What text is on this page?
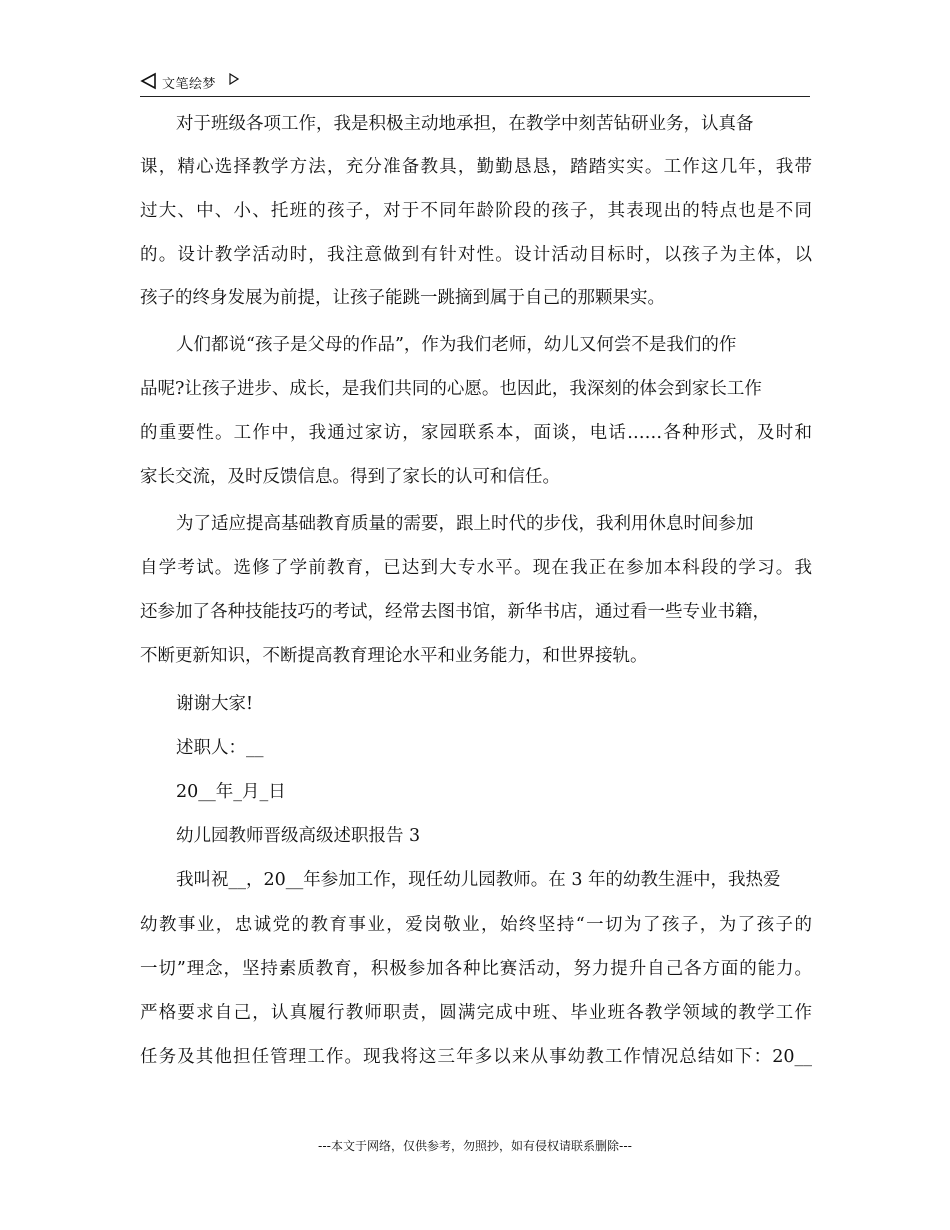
文笔绘梦
对于班级各项工作，我是积极主动地承担，在教学中刻苦钻研业务，认真备
课，精心选择教学方法，充分准备教具，勤勤恳恳，踏踏实实。工作这几年，我带
过大、中、小、托班的孩子，对于不同年龄阶段的孩子，其表现出的特点也是不同
的。设计教学活动时，我注意做到有针对性。设计活动目标时，以孩子为主体，以
孩子的终身发展为前提，让孩子能跳一跳摘到属于自己的那颗果实。
人们都说“孩子是父母的作品”，作为我们老师，幼儿又何尝不是我们的作
品呢?让孩子进步、成长，是我们共同的心愿。也因此，我深刻的体会到家长工作
的重要性。工作中，我通过家访，家园联系本，面谈，电话……各种形式，及时和
家长交流，及时反馈信息。得到了家长的认可和信任。
为了适应提高基础教育质量的需要，跟上时代的步伐，我利用休息时间参加
自学考试。选修了学前教育，已达到大专水平。现在我正在参加本科段的学习。我
还参加了各种技能技巧的考试，经常去图书馆，新华书店，通过看一些专业书籍，
不断更新知识，不断提高教育理论水平和业务能力，和世界接轨。
谢谢大家!
述职人：__
20__年_月_日
幼儿园教师晋级高级述职报告 3
我叫祝__，20__年参加工作，现任幼儿园教师。在 3 年的幼教生涯中，我热爱
幼教事业，忠诚党的教育事业，爱岗敬业，始终坚持“一切为了孩子，为了孩子的
一切”理念，坚持素质教育，积极参加各种比赛活动，努力提升自己各方面的能力。
严格要求自己，认真履行教师职责，圆满完成中班、毕业班各教学领域的教学工作
任务及其他担任管理工作。现我将这三年多以来从事幼教工作情况总结如下：20__
---本文于网络，仅供参考，勿照抄，如有侵权请联系删除---
